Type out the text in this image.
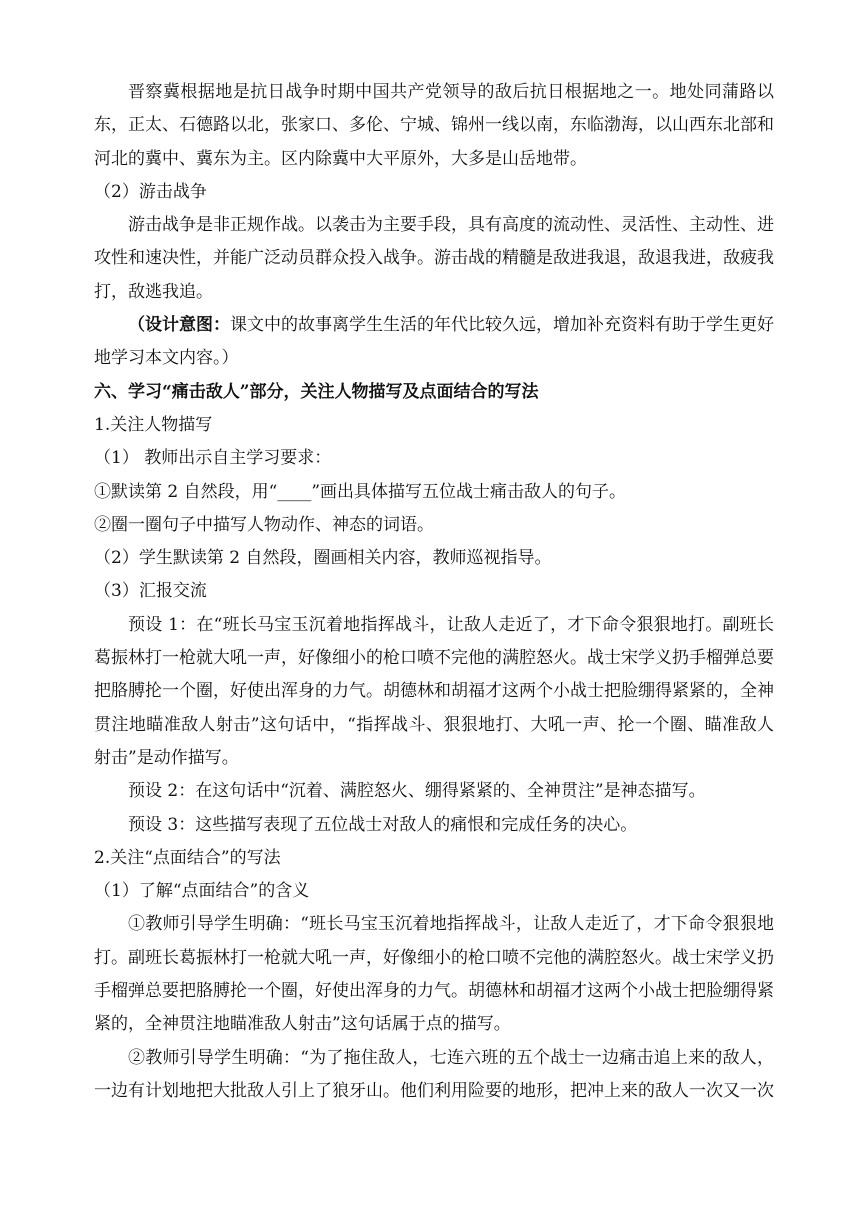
晋察冀根据地是抗日战争时期中国共产党领导的敌后抗日根据地之一。地处同蒲路以东，正太、石德路以北，张家口、多伦、宁城、锦州一线以南，东临渤海，以山西东北部和河北的冀中、冀东为主。区内除冀中大平原外，大多是山岳地带。

（2）游击战争

游击战争是非正规作战。以袭击为主要手段，具有高度的流动性、灵活性、主动性、进攻性和速决性，并能广泛动员群众投入战争。游击战的精髓是敌进我退，敌退我进，敌疲我打，敌逃我追。

（设计意图：课文中的故事离学生生活的年代比较久远，增加补充资料有助于学生更好地学习本文内容。）

六、学习“痛击敌人”部分，关注人物描写及点面结合的写法

1.关注人物描写

（1） 教师出示自主学习要求：

①默读第 2 自然段，用“____”画出具体描写五位战士痛击敌人的句子。

②圈一圈句子中描写人物动作、神态的词语。

（2）学生默读第 2 自然段，圈画相关内容，教师巡视指导。

（3）汇报交流

预设 1：在“班长马宝玉沉着地指挥战斗，让敌人走近了，才下命令狠狠地打。副班长葛振林打一枪就大吼一声，好像细小的枪口喷不完他的满腔怒火。战士宋学义扔手榴弹总要把胳膊抡一个圈，好使出浑身的力气。胡德林和胡福才这两个小战士把脸绷得紧紧的，全神贯注地瞄准敌人射击”这句话中，“指挥战斗、狠狠地打、大吼一声、抡一个圈、瞄准敌人射击”是动作描写。

预设 2：在这句话中“沉着、满腔怒火、绷得紧紧的、全神贯注”是神态描写。

预设 3：这些描写表现了五位战士对敌人的痛恨和完成任务的决心。

2.关注“点面结合”的写法

（1）了解“点面结合”的含义

①教师引导学生明确：“班长马宝玉沉着地指挥战斗，让敌人走近了，才下命令狠狠地打。副班长葛振林打一枪就大吼一声，好像细小的枪口喷不完他的满腔怒火。战士宋学义扔手榴弹总要把胳膊抡一个圈，好使出浑身的力气。胡德林和胡福才这两个小战士把脸绷得紧紧的，全神贯注地瞄准敌人射击”这句话属于点的描写。

②教师引导学生明确：“为了拖住敌人，七连六班的五个战士一边痛击追上来的敌人，一边有计划地把大批敌人引上了狼牙山。他们利用险要的地形，把冲上来的敌人一次又一次
